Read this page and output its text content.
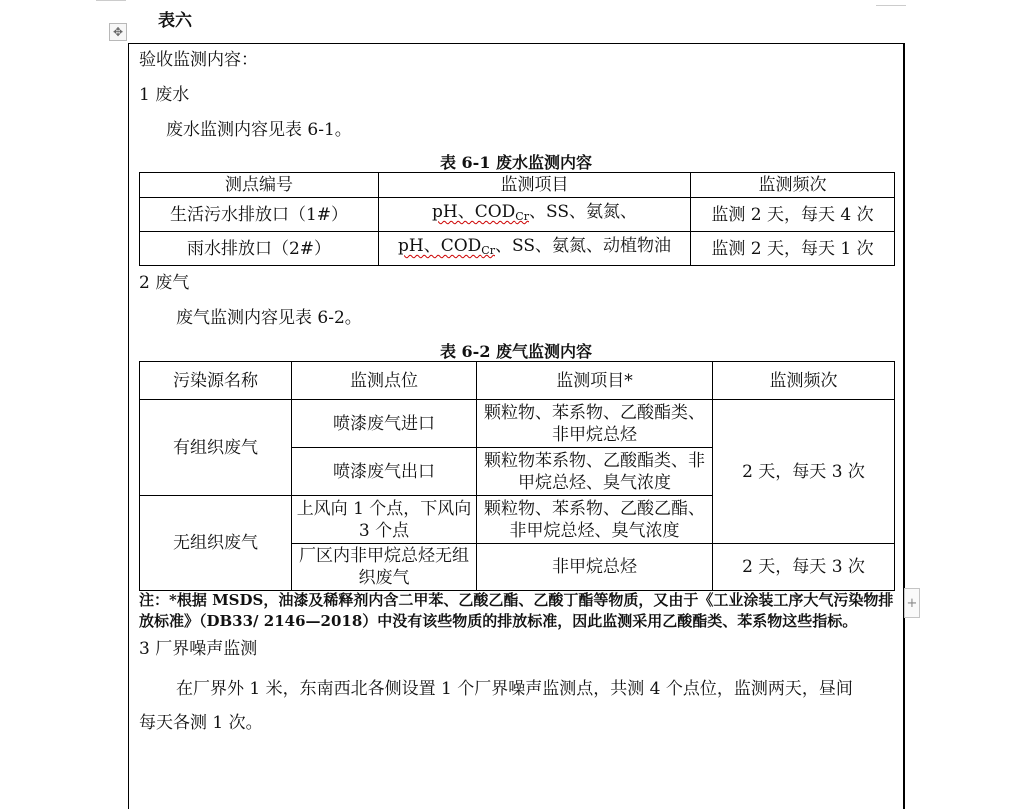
表六
✥
验收监测内容：
1 废水
废水监测内容见表 6-1。
表 6-1 废水监测内容
测点编号	监测项目	监测频次
生活污水排放口（1#）	pH、$COD_{Cr}$、SS、氨氮、	监测 2 天，每天 4 次
雨水排放口（2#）	pH、$COD_{Cr}$、SS、氨氮、动植物油	监测 2 天，每天 1 次
2 废气
废气监测内容见表 6-2。
表 6-2 废气监测内容
污染源名称	监测点位	监测项目*	监测频次
有组织废气	喷漆废气进口	颗粒物、苯系物、乙酸酯类、非甲烷总烃	2 天，每天 3 次
	喷漆废气出口	颗粒物苯系物、乙酸酯类、非甲烷总烃、臭气浓度	
无组织废气	上风向 1 个点，下风向 3 个点	颗粒物、苯系物、乙酸乙酯、非甲烷总烃、臭气浓度	
	厂区内非甲烷总烃无组织废气	非甲烷总烃	2 天，每天 3 次
注：*根据 MSDS，油漆及稀释剂内含二甲苯、乙酸乙酯、乙酸丁酯等物质，又由于《工业涂装工序大气污染物排放标准》（DB33/ 2146—2018）中没有该些物质的排放标准，因此监测采用乙酸酯类、苯系物这些指标。
+
3 厂界噪声监测
在厂界外 1 米，东南西北各侧设置 1 个厂界噪声监测点，共测 4 个点位，监测两天，昼间
每天各测 1 次。
